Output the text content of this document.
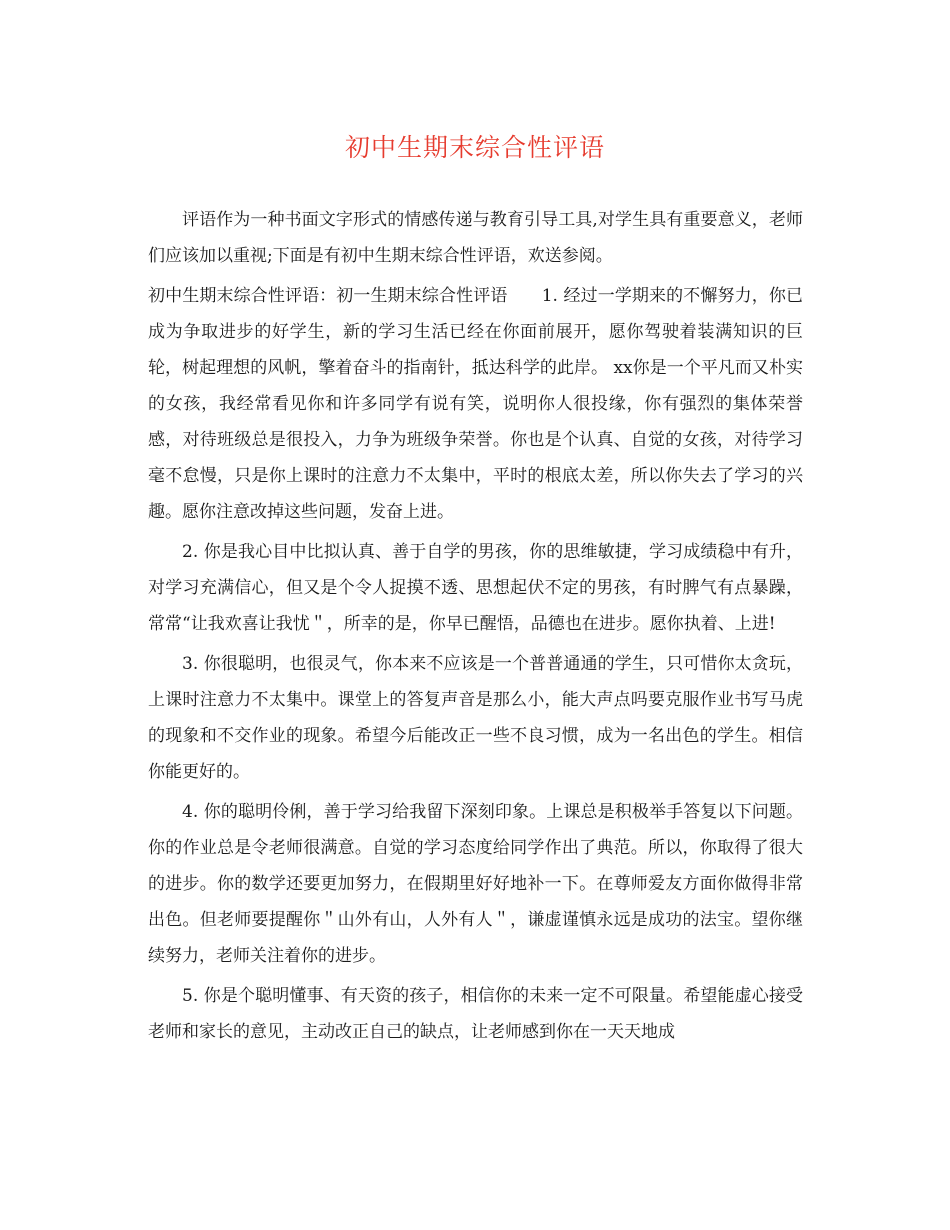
初中生期末综合性评语

评语作为一种书面文字形式的情感传递与教育引导工具,对学生具有重要意义，老师们应该加以重视;下面是有初中生期末综合性评语，欢送参阅。

初中生期末综合性评语：初一生期末综合性评语　　1. 经过一学期来的不懈努力，你已成为争取进步的好学生，新的学习生活已经在你面前展开，愿你驾驶着装满知识的巨轮，树起理想的风帆，擎着奋斗的指南针，抵达科学的此岸。 xx你是一个平凡而又朴实的女孩，我经常看见你和许多同学有说有笑，说明你人很投缘，你有强烈的集体荣誉感，对待班级总是很投入，力争为班级争荣誉。你也是个认真、自觉的女孩，对待学习毫不怠慢，只是你上课时的注意力不太集中，平时的根底太差，所以你失去了学习的兴趣。愿你注意改掉这些问题，发奋上进。

2. 你是我心目中比拟认真、善于自学的男孩，你的思维敏捷，学习成绩稳中有升，对学习充满信心，但又是个令人捉摸不透、思想起伏不定的男孩，有时脾气有点暴躁，常常“让我欢喜让我忧＂，所幸的是，你早已醒悟，品德也在进步。愿你执着、上进!

3. 你很聪明，也很灵气，你本来不应该是一个普普通通的学生，只可惜你太贪玩，上课时注意力不太集中。课堂上的答复声音是那么小，能大声点吗要克服作业书写马虎的现象和不交作业的现象。希望今后能改正一些不良习惯，成为一名出色的学生。相信你能更好的。

4. 你的聪明伶俐，善于学习给我留下深刻印象。上课总是积极举手答复以下问题。你的作业总是令老师很满意。自觉的学习态度给同学作出了典范。所以，你取得了很大的进步。你的数学还要更加努力，在假期里好好地补一下。在尊师爱友方面你做得非常出色。但老师要提醒你＂山外有山，人外有人＂，谦虚谨慎永远是成功的法宝。望你继续努力，老师关注着你的进步。

5. 你是个聪明懂事、有天资的孩子，相信你的未来一定不可限量。希望能虚心接受老师和家长的意见，主动改正自己的缺点，让老师感到你在一天天地成
